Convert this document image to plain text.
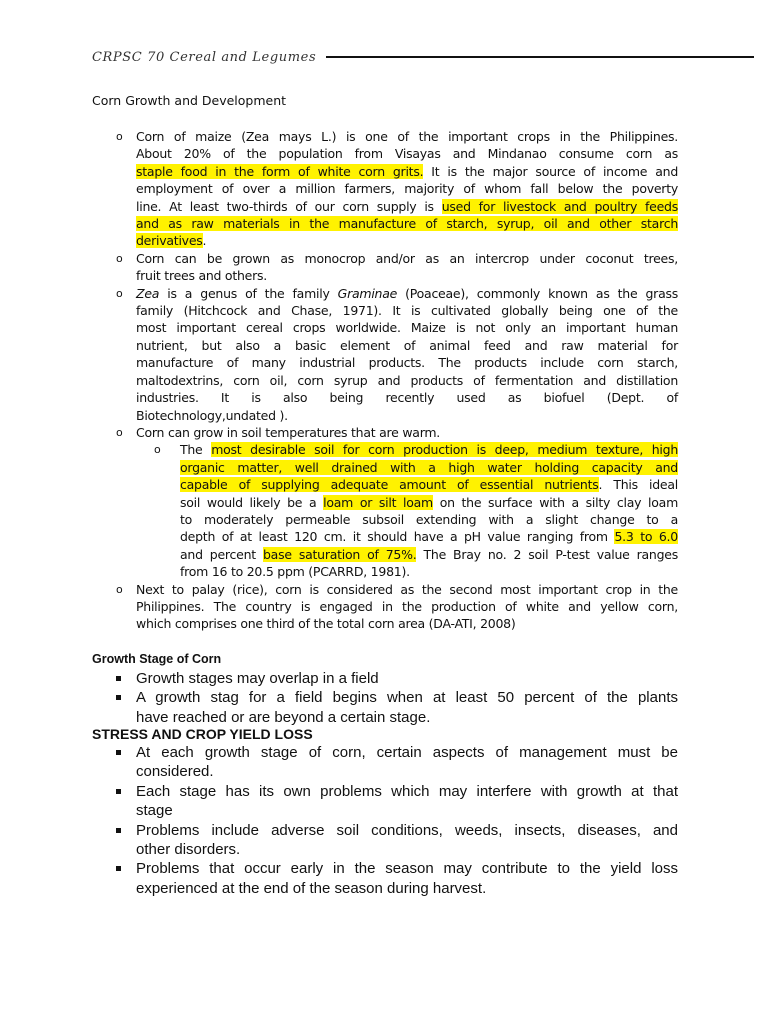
CRPSC 70 Cereal and Legumes
Corn Growth and Development
o Corn of maize (Zea mays L.) is one of the important crops in the Philippines.
About 20% of the population from Visayas and Mindanao consume corn as
staple food in the form of white corn grits. It is the major source of income and
employment of over a million farmers, majority of whom fall below the poverty
line. At least two-thirds of our corn supply is used for livestock and poultry feeds
and as raw materials in the manufacture of starch, syrup, oil and other starch
derivatives.
o Corn can be grown as monocrop and/or as an intercrop under coconut trees,
fruit trees and others.
o Zea is a genus of the family Graminae (Poaceae), commonly known as the grass
family (Hitchcock and Chase, 1971). It is cultivated globally being one of the
most important cereal crops worldwide. Maize is not only an important human
nutrient, but also a basic element of animal feed and raw material for
manufacture of many industrial products. The products include corn starch,
maltodextrins, corn oil, corn syrup and products of fermentation and distillation
industries. It is also being recently used as biofuel (Dept. of
Biotechnology,undated ).
o Corn can grow in soil temperatures that are warm.
o The most desirable soil for corn production is deep, medium texture, high
organic matter, well drained with a high water holding capacity and
capable of supplying adequate amount of essential nutrients. This ideal
soil would likely be a loam or silt loam on the surface with a silty clay loam
to moderately permeable subsoil extending with a slight change to a
depth of at least 120 cm. it should have a pH value ranging from 5.3 to 6.0
and percent base saturation of 75%. The Bray no. 2 soil P-test value ranges
from 16 to 20.5 ppm (PCARRD, 1981).
o Next to palay (rice), corn is considered as the second most important crop in the
Philippines. The country is engaged in the production of white and yellow corn,
which comprises one third of the total corn area (DA-ATI, 2008)
Growth Stage of Corn
Growth stages may overlap in a field
A growth stag for a field begins when at least 50 percent of the plants
have reached or are beyond a certain stage.
STRESS AND CROP YIELD LOSS
At each growth stage of corn, certain aspects of management must be
considered.
Each stage has its own problems which may interfere with growth at that
stage
Problems include adverse soil conditions, weeds, insects, diseases, and
other disorders.
Problems that occur early in the season may contribute to the yield loss
experienced at the end of the season during harvest.
